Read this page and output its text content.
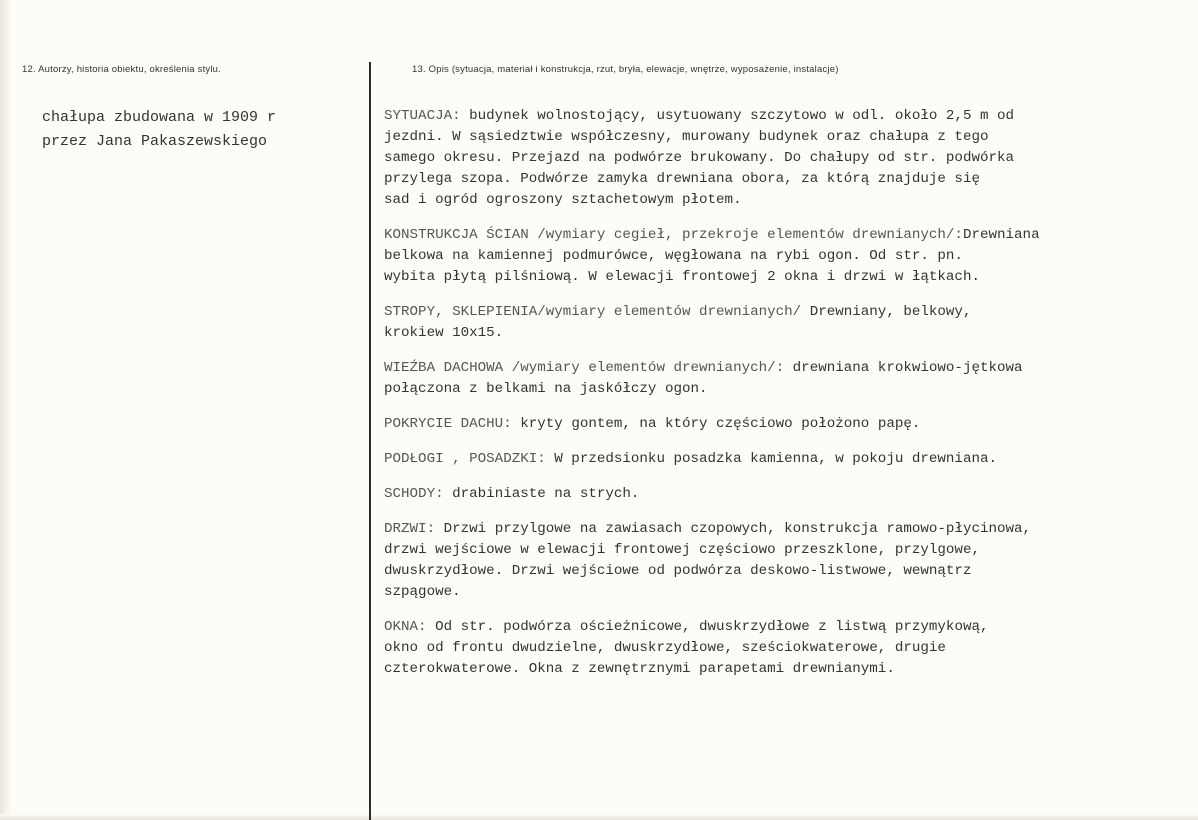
12. Autorzy, historia obiektu, określenia stylu.	13. Opis (sytuacja, materiał i konstrukcja, rzut, bryła, elewacje, wnętrze, wyposażenie, instalacje)
chałupa zbudowana w 1909 r
przez Jana Pakaszewskiego
SYTUACJA: budynek wolnostojący, usytuowany szczytowo w odl. około 2,5 m od
jezdni. W sąsiedztwie współczesny, murowany budynek oraz chałupa z tego
samego okresu. Przejazd na podwórze brukowany. Do chałupy od str. podwórka
przylega szopa. Podwórze zamyka drewniana obora, za którą znajduje się
sad i ogród ogroszony sztachetowym płotem.
KONSTRUKCJA ŚCIAN /wymiary cegieł, przekroje elementów drewnianych/:Drewniana
belkowa na kamiennej podmurówce, węgłowana na rybi ogon. Od str. pn.
wybita płytą pilśniową. W elewacji frontowej 2 okna i drzwi w łątkach.
STROPY, SKLEPIENIA/wymiary elementów drewnianych/ Drewniany, belkowy,
krokiew 10x15.
WIEŹBA DACHOWA /wymiary elementów drewnianych/: drewniana krokwiowo-jętkowa
połączona z belkami na jaskółczy ogon.
POKRYCIE DACHU: kryty gontem, na który częściowo położono papę.
PODŁOGI , POSADZKI: W przedsionku posadzka kamienna, w pokoju drewniana.
SCHODY: drabiniaste na strych.
DRZWI: Drzwi przylgowe na zawiasach czopowych, konstrukcja ramowo-płycinowa,
drzwi wejściowe w elewacji frontowej częściowo przeszklone, przylgowe,
dwuskrzydłowe. Drzwi wejściowe od podwórza deskowo-listwowe, wewnątrz
szpągowe.
OKNA: Od str. podwórza ościeżnicowe, dwuskrzydłowe z listwą przymykową,
okno od frontu dwudzielne, dwuskrzydłowe, sześciokwaterowe, drugie
czterokwaterowe. Okna z zewnętrznymi parapetami drewnianymi.
